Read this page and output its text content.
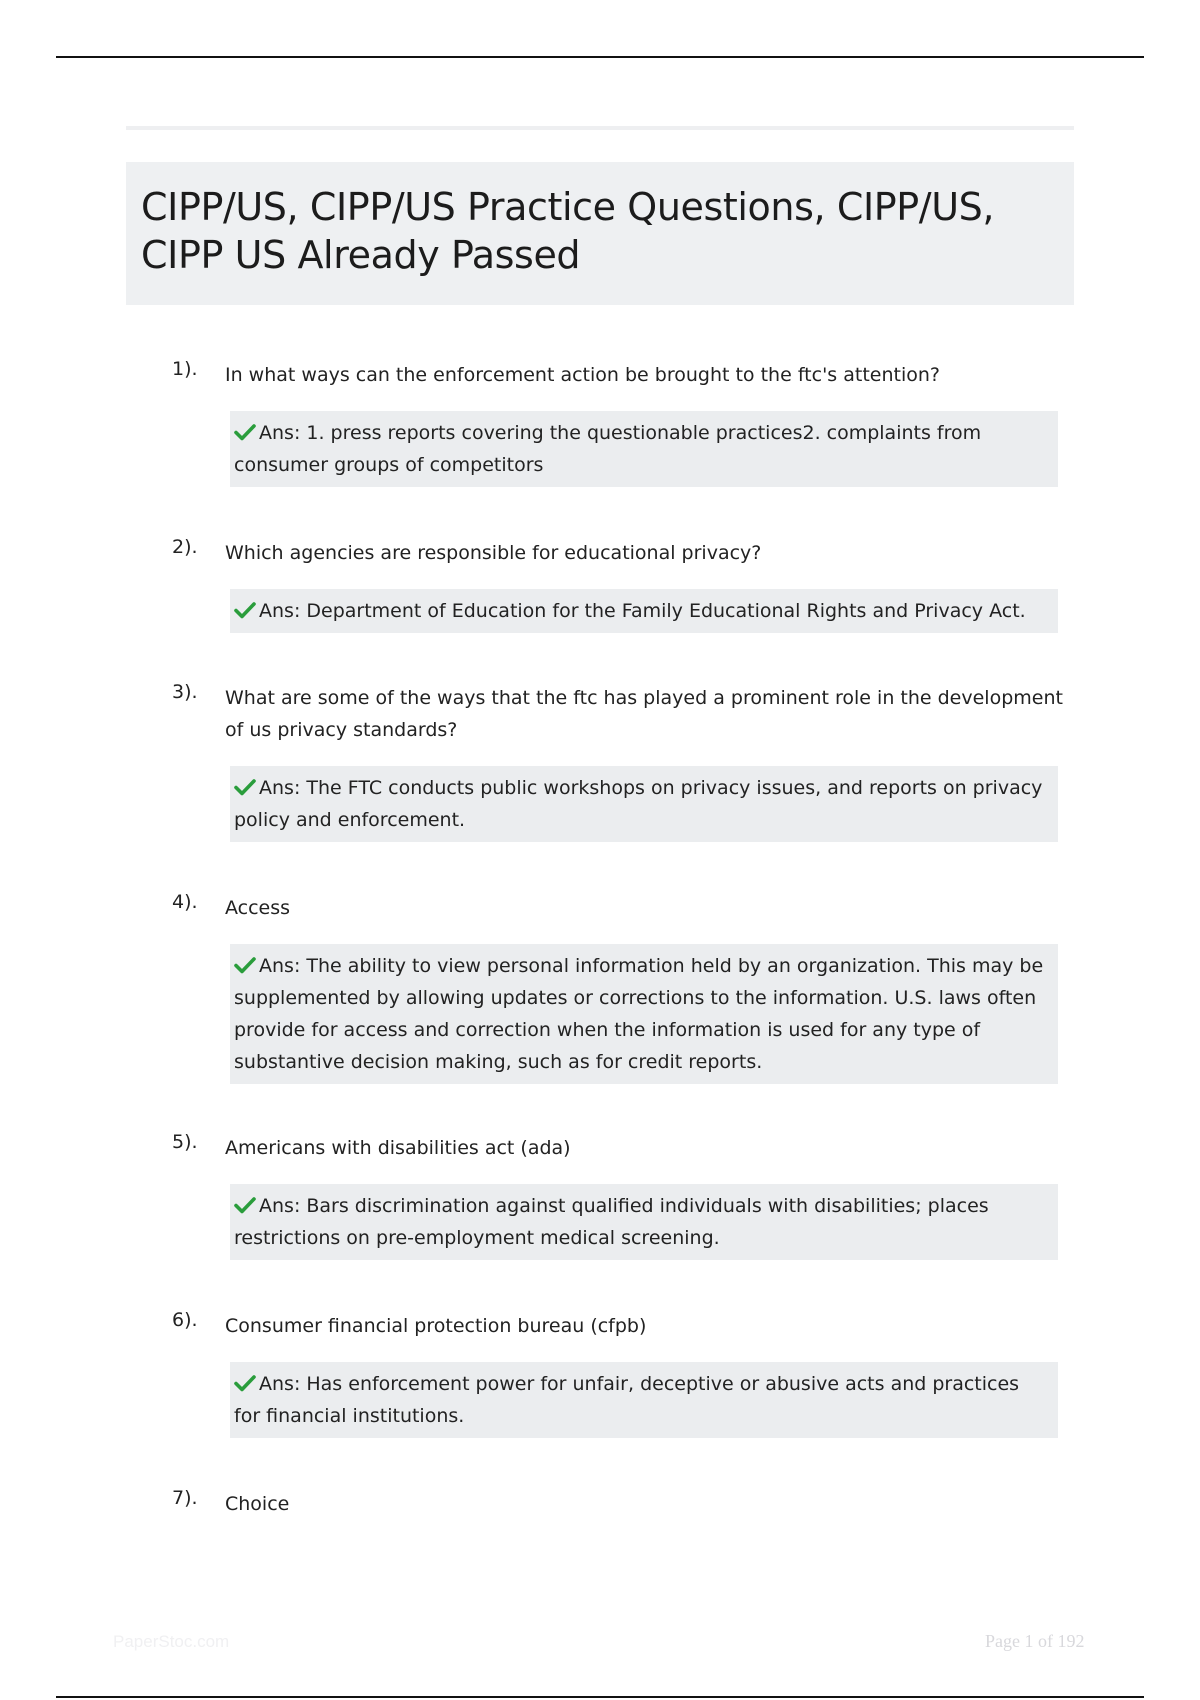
CIPP/US, CIPP/US Practice Questions, CIPP/US,
CIPP US Already Passed
1). In what ways can the enforcement action be brought to the ftc's attention?
Ans: 1. press reports covering the questionable practices2. complaints from consumer groups of competitors
2). Which agencies are responsible for educational privacy?
Ans: Department of Education for the Family Educational Rights and Privacy Act.
3). What are some of the ways that the ftc has played a prominent role in the development of us privacy standards?
Ans: The FTC conducts public workshops on privacy issues, and reports on privacy policy and enforcement.
4). Access
Ans: The ability to view personal information held by an organization. This may be supplemented by allowing updates or corrections to the information. U.S. laws often provide for access and correction when the information is used for any type of substantive decision making, such as for credit reports.
5). Americans with disabilities act (ada)
Ans: Bars discrimination against qualified individuals with disabilities; places restrictions on pre-employment medical screening.
6). Consumer financial protection bureau (cfpb)
Ans: Has enforcement power for unfair, deceptive or abusive acts and practices for financial institutions.
7). Choice
PaperStoc.com	Page 1 of 192
